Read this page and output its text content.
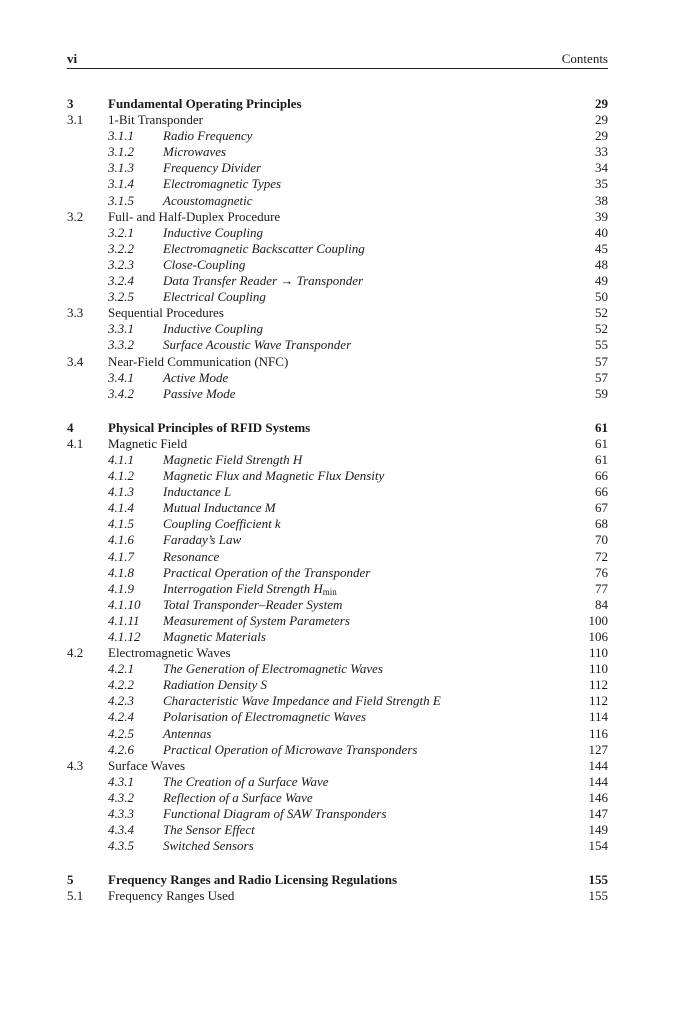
vi	Contents
3	Fundamental Operating Principles	29
3.1 1-Bit Transponder	29
3.1.1 Radio Frequency	29
3.1.2 Microwaves	33
3.1.3 Frequency Divider	34
3.1.4 Electromagnetic Types	35
3.1.5 Acoustomagnetic	38
3.2 Full- and Half-Duplex Procedure	39
3.2.1 Inductive Coupling	40
3.2.2 Electromagnetic Backscatter Coupling	45
3.2.3 Close-Coupling	48
3.2.4 Data Transfer Reader → Transponder	49
3.2.5 Electrical Coupling	50
3.3 Sequential Procedures	52
3.3.1 Inductive Coupling	52
3.3.2 Surface Acoustic Wave Transponder	55
3.4 Near-Field Communication (NFC)	57
3.4.1 Active Mode	57
3.4.2 Passive Mode	59
4	Physical Principles of RFID Systems	61
4.1 Magnetic Field	61
4.1.1 Magnetic Field Strength H	61
4.1.2 Magnetic Flux and Magnetic Flux Density	66
4.1.3 Inductance L	66
4.1.4 Mutual Inductance M	67
4.1.5 Coupling Coefficient k	68
4.1.6 Faraday’s Law	70
4.1.7 Resonance	72
4.1.8 Practical Operation of the Transponder	76
4.1.9 Interrogation Field Strength $H_{min}$	77
4.1.10 Total Transponder–Reader System	84
4.1.11 Measurement of System Parameters	100
4.1.12 Magnetic Materials	106
4.2 Electromagnetic Waves	110
4.2.1 The Generation of Electromagnetic Waves	110
4.2.2 Radiation Density S	112
4.2.3 Characteristic Wave Impedance and Field Strength E	112
4.2.4 Polarisation of Electromagnetic Waves	114
4.2.5 Antennas	116
4.2.6 Practical Operation of Microwave Transponders	127
4.3 Surface Waves	144
4.3.1 The Creation of a Surface Wave	144
4.3.2 Reflection of a Surface Wave	146
4.3.3 Functional Diagram of SAW Transponders	147
4.3.4 The Sensor Effect	149
4.3.5 Switched Sensors	154
5	Frequency Ranges and Radio Licensing Regulations	155
5.1 Frequency Ranges Used	155
